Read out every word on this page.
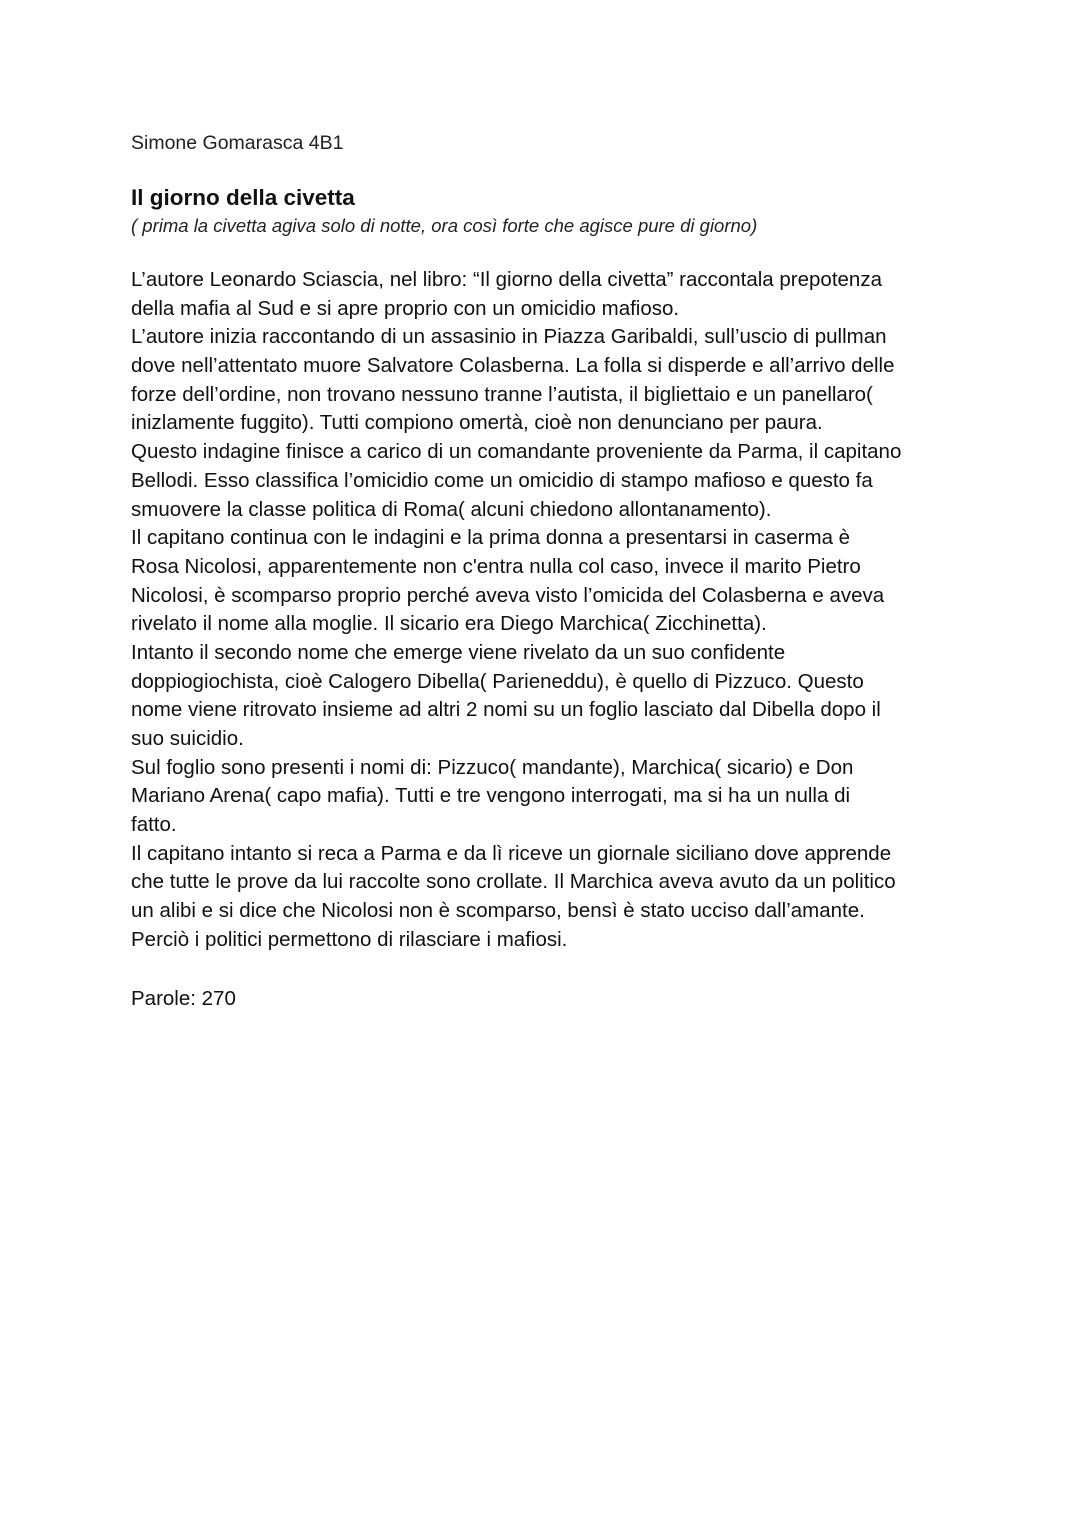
Simone Gomarasca 4B1
Il giorno della civetta
( prima la civetta agiva solo di notte, ora così forte che agisce pure di giorno)
L’autore Leonardo Sciascia, nel libro: “Il giorno della civetta” raccontala prepotenza
della mafia al Sud e si apre proprio con un omicidio mafioso.
L’autore inizia raccontando di un assasinio in Piazza Garibaldi, sull’uscio di pullman
dove nell’attentato muore Salvatore Colasberna. La folla si disperde e all’arrivo delle
forze dell’ordine, non trovano nessuno tranne l’autista, il bigliettaio e un panellaro(
inizlamente fuggito). Tutti compiono omertà, cioè non denunciano per paura.
Questo indagine finisce a carico di un comandante proveniente da Parma, il capitano
Bellodi. Esso classifica l’omicidio come un omicidio di stampo mafioso e questo fa
smuovere la classe politica di Roma( alcuni chiedono allontanamento).
Il capitano continua con le indagini e la prima donna a presentarsi in caserma è
Rosa Nicolosi, apparentemente non c'entra nulla col caso, invece il marito Pietro
Nicolosi, è scomparso proprio perché aveva visto l’omicida del Colasberna e aveva
rivelato il nome alla moglie. Il sicario era Diego Marchica( Zicchinetta).
Intanto il secondo nome che emerge viene rivelato da un suo confidente
doppiogiochista, cioè Calogero Dibella( Parieneddu), è quello di Pizzuco. Questo
nome viene ritrovato insieme ad altri 2 nomi su un foglio lasciato dal Dibella dopo il
suo suicidio.
Sul foglio sono presenti i nomi di: Pizzuco( mandante), Marchica( sicario) e Don
Mariano Arena( capo mafia). Tutti e tre vengono interrogati, ma si ha un nulla di
fatto.
Il capitano intanto si reca a Parma e da lì riceve un giornale siciliano dove apprende
che tutte le prove da lui raccolte sono crollate. Il Marchica aveva avuto da un politico
un alibi e si dice che Nicolosi non è scomparso, bensì è stato ucciso dall’amante.
Perciò i politici permettono di rilasciare i mafiosi.
Parole: 270
